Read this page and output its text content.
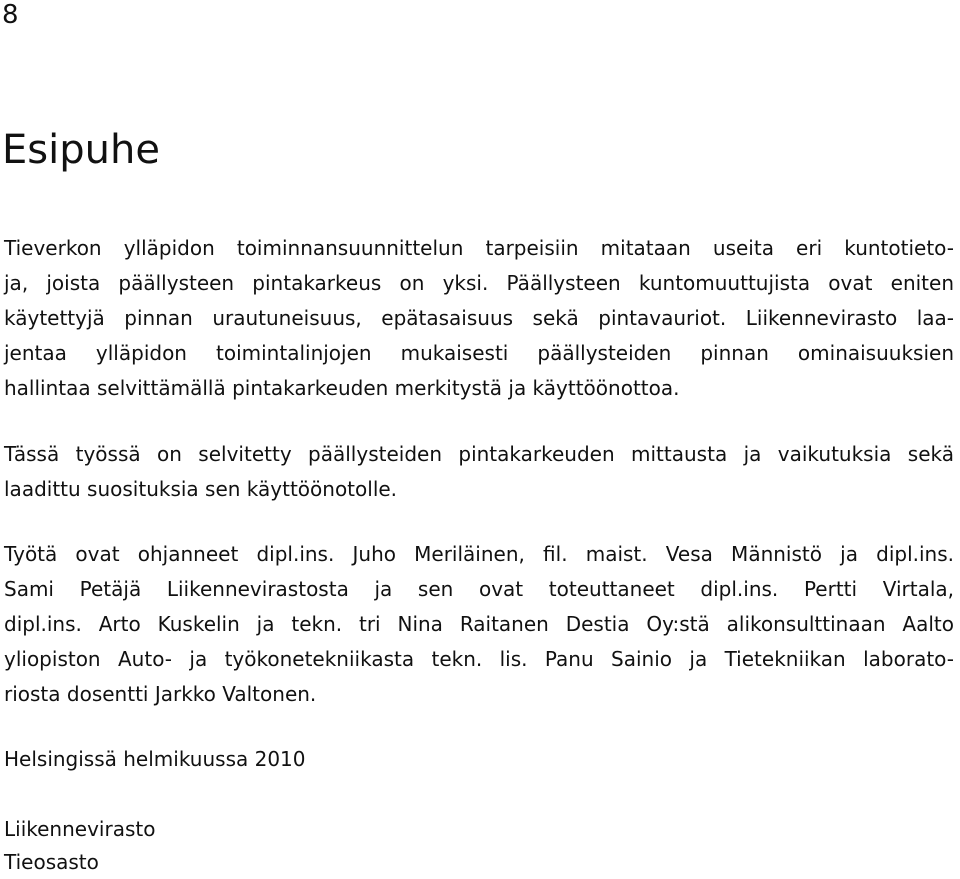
8
Esipuhe
Tieverkon ylläpidon toiminnansuunnittelun tarpeisiin mitataan useita eri kuntotieto-
ja, joista päällysteen pintakarkeus on yksi. Päällysteen kuntomuuttujista ovat eniten
käytettyjä pinnan urautuneisuus, epätasaisuus sekä pintavauriot. Liikennevirasto laa-
jentaa ylläpidon toimintalinjojen mukaisesti päällysteiden pinnan ominaisuuksien
hallintaa selvittämällä pintakarkeuden merkitystä ja käyttöönottoa.
Tässä työssä on selvitetty päällysteiden pintakarkeuden mittausta ja vaikutuksia sekä
laadittu suosituksia sen käyttöönotolle.
Työtä ovat ohjanneet dipl.ins. Juho Meriläinen, fil. maist. Vesa Männistö ja dipl.ins.
Sami Petäjä Liikennevirastosta ja sen ovat toteuttaneet dipl.ins. Pertti Virtala,
dipl.ins. Arto Kuskelin ja tekn. tri Nina Raitanen Destia Oy:stä alikonsulttinaan Aalto
yliopiston Auto- ja työkonetekniikasta tekn. lis. Panu Sainio ja Tietekniikan laborato-
riosta dosentti Jarkko Valtonen.
Helsingissä helmikuussa 2010
Liikennevirasto
Tieosasto
